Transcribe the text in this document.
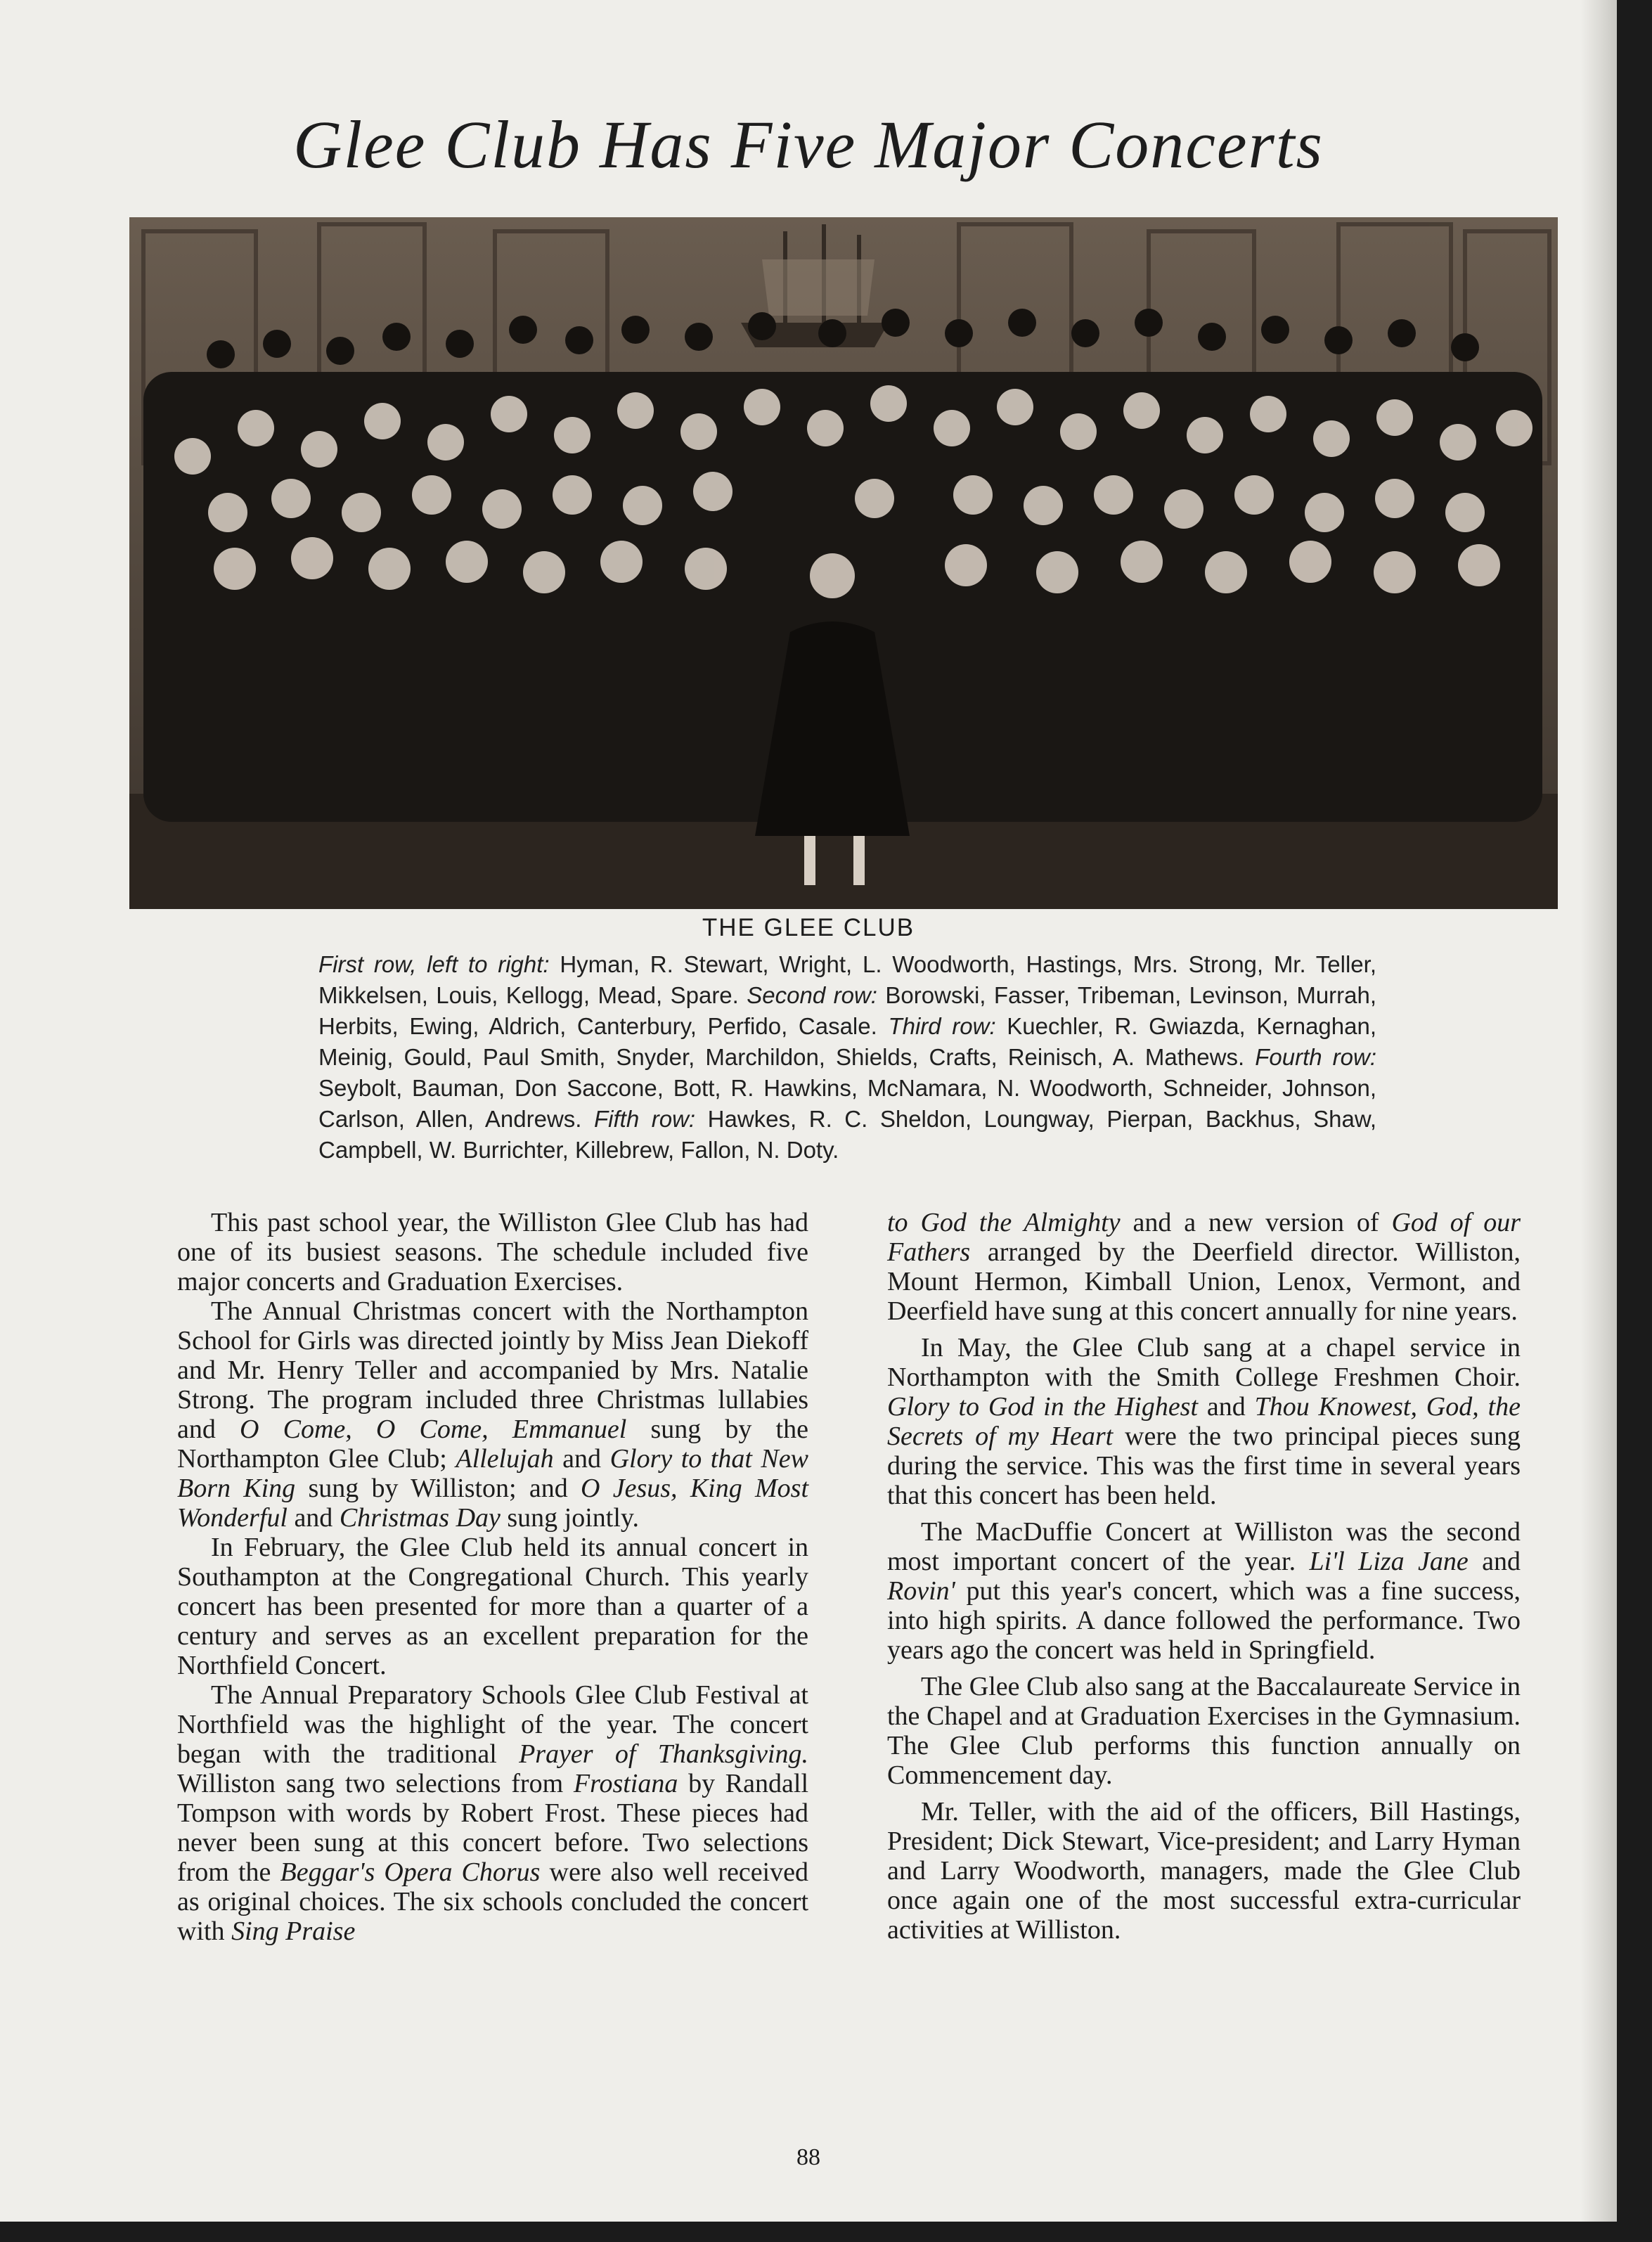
Glee Club Has Five Major Concerts
THE GLEE CLUB
First row, left to right: Hyman, R. Stewart, Wright, L. Woodworth, Hastings, Mrs. Strong, Mr. Teller, Mikkelsen, Louis, Kellogg, Mead, Spare. Second row: Borowski, Fasser, Tribeman, Levinson, Murrah, Herbits, Ewing, Aldrich, Canterbury, Perfido, Casale. Third row: Kuechler, R. Gwiazda, Kernaghan, Meinig, Gould, Paul Smith, Snyder, Marchildon, Shields, Crafts, Reinisch, A. Mathews. Fourth row: Seybolt, Bauman, Don Saccone, Bott, R. Hawkins, McNamara, N. Woodworth, Schneider, Johnson, Carlson, Allen, Andrews. Fifth row: Hawkes, R. C. Sheldon, Loungway, Pierpan, Backhus, Shaw, Campbell, W. Burrichter, Killebrew, Fallon, N. Doty.

This past school year, the Williston Glee Club has had one of its busiest seasons. The schedule included five major concerts and Graduation Exercises.

The Annual Christmas concert with the Northampton School for Girls was directed jointly by Miss Jean Diekoff and Mr. Henry Teller and accompanied by Mrs. Natalie Strong. The program included three Christmas lullabies and O Come, O Come, Emmanuel sung by the Northampton Glee Club; Allelujah and Glory to that New Born King sung by Williston; and O Jesus, King Most Wonderful and Christmas Day sung jointly.

In February, the Glee Club held its annual concert in Southampton at the Congregational Church. This yearly concert has been presented for more than a quarter of a century and serves as an excellent preparation for the Northfield Concert.

The Annual Preparatory Schools Glee Club Festival at Northfield was the highlight of the year. The concert began with the traditional Prayer of Thanksgiving. Williston sang two selections from Frostiana by Randall Tompson with words by Robert Frost. These pieces had never been sung at this concert before. Two selections from the Beggar's Opera Chorus were also well received as original choices. The six schools concluded the concert with Sing Praise

to God the Almighty and a new version of God of our Fathers arranged by the Deerfield director. Williston, Mount Hermon, Kimball Union, Lenox, Vermont, and Deerfield have sung at this concert annually for nine years.

In May, the Glee Club sang at a chapel service in Northampton with the Smith College Freshmen Choir. Glory to God in the Highest and Thou Knowest, God, the Secrets of my Heart were the two principal pieces sung during the service. This was the first time in several years that this concert has been held.

The MacDuffie Concert at Williston was the second most important concert of the year. Li'l Liza Jane and Rovin' put this year's concert, which was a fine success, into high spirits. A dance followed the performance. Two years ago the concert was held in Springfield.

The Glee Club also sang at the Baccalaureate Service in the Chapel and at Graduation Exercises in the Gymnasium. The Glee Club performs this function annually on Commencement day.

Mr. Teller, with the aid of the officers, Bill Hastings, President; Dick Stewart, Vice-president; and Larry Hyman and Larry Woodworth, managers, made the Glee Club once again one of the most successful extra-curricular activities at Williston.

88
